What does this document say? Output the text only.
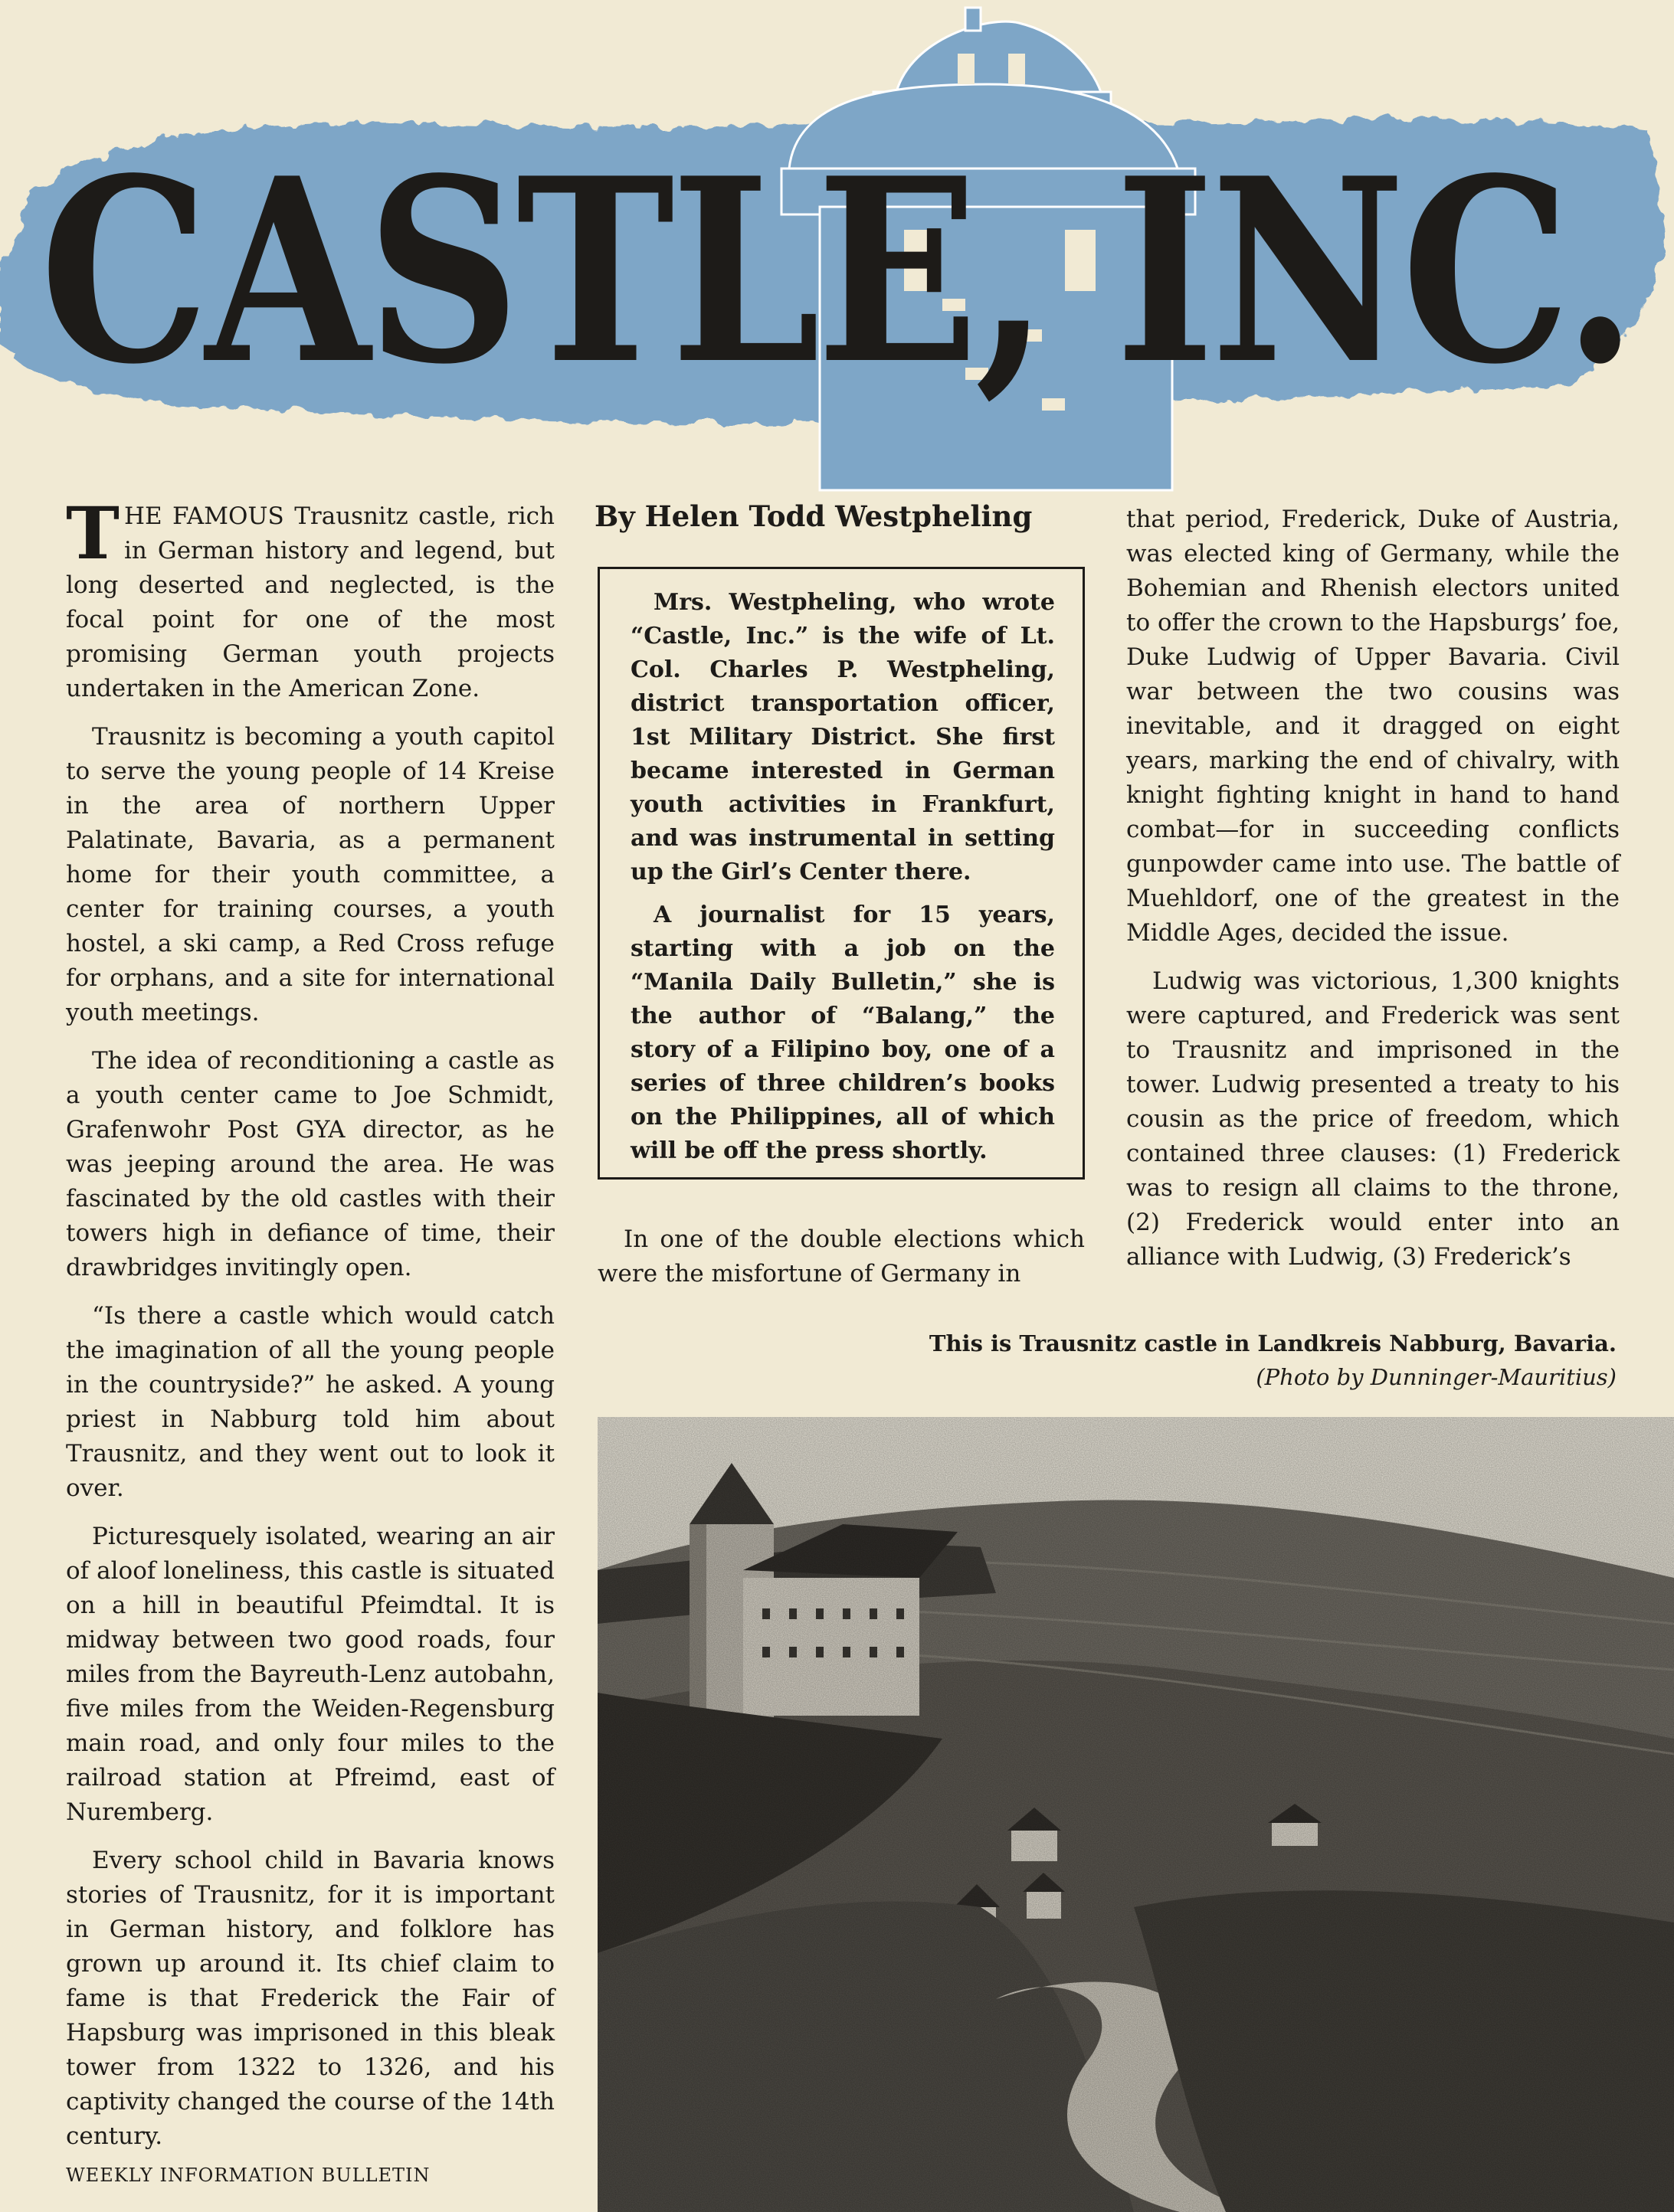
CASTLE, INC.

THE FAMOUS Trausnitz castle, rich in German history and legend, but long deserted and neglected, is the focal point for one of the most promising German youth projects undertaken in the American Zone.

Trausnitz is becoming a youth capitol to serve the young people of 14 Kreise in the area of northern Upper Palatinate, Bavaria, as a permanent home for their youth committee, a center for training courses, a youth hostel, a ski camp, a Red Cross refuge for orphans, and a site for international youth meetings.

The idea of reconditioning a castle as a youth center came to Joe Schmidt, Grafenwohr Post GYA director, as he was jeeping around the area. He was fascinated by the old castles with their towers high in defiance of time, their drawbridges invitingly open.

“Is there a castle which would catch the imagination of all the young people in the countryside?” he asked. A young priest in Nabburg told him about Trausnitz, and they went out to look it over.

Picturesquely isolated, wearing an air of aloof loneliness, this castle is situated on a hill in beautiful Pfeimdtal. It is midway between two good roads, four miles from the Bayreuth-Lenz autobahn, five miles from the Weiden-Regensburg main road, and only four miles to the railroad station at Pfreimd, east of Nuremberg.

Every school child in Bavaria knows stories of Trausnitz, for it is important in German history, and folklore has grown up around it. Its chief claim to fame is that Frederick the Fair of Hapsburg was imprisoned in this bleak tower from 1322 to 1326, and his captivity changed the course of the 14th century.

By Helen Todd Westpheling

Mrs. Westpheling, who wrote “Castle, Inc.” is the wife of Lt. Col. Charles P. Westpheling, district transportation officer, 1st Military District. She first became interested in German youth activities in Frankfurt, and was instrumental in setting up the Girl’s Center there.

A journalist for 15 years, starting with a job on the “Manila Daily Bulletin,” she is the author of “Balang,” the story of a Filipino boy, one of a series of three children’s books on the Philippines, all of which will be off the press shortly.

In one of the double elections which were the misfortune of Germany in

that period, Frederick, Duke of Austria, was elected king of Germany, while the Bohemian and Rhenish electors united to offer the crown to the Hapsburgs’ foe, Duke Ludwig of Upper Bavaria. Civil war between the two cousins was inevitable, and it dragged on eight years, marking the end of chivalry, with knight fighting knight in hand to hand combat—for in succeeding conflicts gunpowder came into use. The battle of Muehldorf, one of the greatest in the Middle Ages, decided the issue.

Ludwig was victorious, 1,300 knights were captured, and Frederick was sent to Trausnitz and imprisoned in the tower. Ludwig presented a treaty to his cousin as the price of freedom, which contained three clauses: (1) Frederick was to resign all claims to the throne, (2) Frederick would enter into an alliance with Ludwig, (3) Frederick’s

This is Trausnitz castle in Landkreis Nabburg, Bavaria.
(Photo by Dunninger-Mauritius)
WEEKLY INFORMATION BULLETIN
